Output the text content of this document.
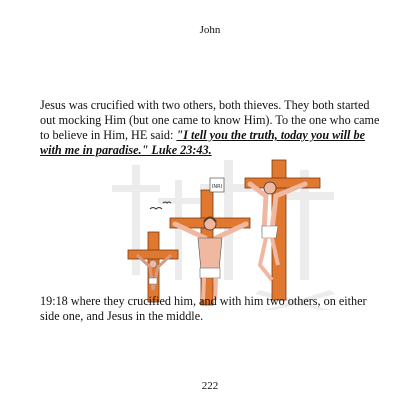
John
INRI
Jesus was crucified with two others, both thieves. They both started out mocking Him (but one came to know Him). To the one who came to believe in Him, HE said: "I tell you the truth, today you will be with me in paradise." Luke 23:43.
19:18 where they crucified him, and with him two others, on either side one, and Jesus in the middle.
222
